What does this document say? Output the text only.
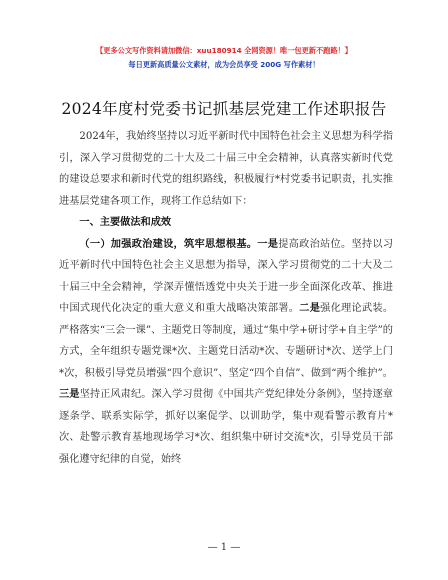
【更多公文写作资料请加微信：xuu180914 全网资源！唯一包更新不跑路！】
每日更新高质量公文素材，成为会员享受 200G 写作素材！
2024年度村党委书记抓基层党建工作述职报告

2024年，我始终坚持以习近平新时代中国特色社会主义思想为科学指引，深入学习贯彻党的二十大及二十届三中全会精神，认真落实新时代党的建设总要求和新时代党的组织路线，积极履行*村党委书记职责，扎实推进基层党建各项工作，现将工作总结如下：

一、主要做法和成效

（一）加强政治建设，筑牢思想根基。一是提高政治站位。坚持以习近平新时代中国特色社会主义思想为指导，深入学习贯彻党的二十大及二十届三中全会精神，学深弄懂悟透党中央关于进一步全面深化改革、推进中国式现代化决定的重大意义和重大战略决策部署。二是强化理论武装。严格落实“三会一课”、主题党日等制度，通过“集中学+研讨学+自主学”的方式，全年组织专题党课*次、主题党日活动*次、专题研讨*次、送学上门*次，积极引导党员增强“四个意识”、坚定“四个自信”、做到“两个维护”。三是坚持正风肃纪。深入学习贯彻《中国共产党纪律处分条例》，坚持逐章逐条学、联系实际学，抓好以案促学、以训助学，集中观看警示教育片*次、赴警示教育基地现场学习*次、组织集中研讨交流*次，引导党员干部强化遵守纪律的自觉，始终

— 1 —
